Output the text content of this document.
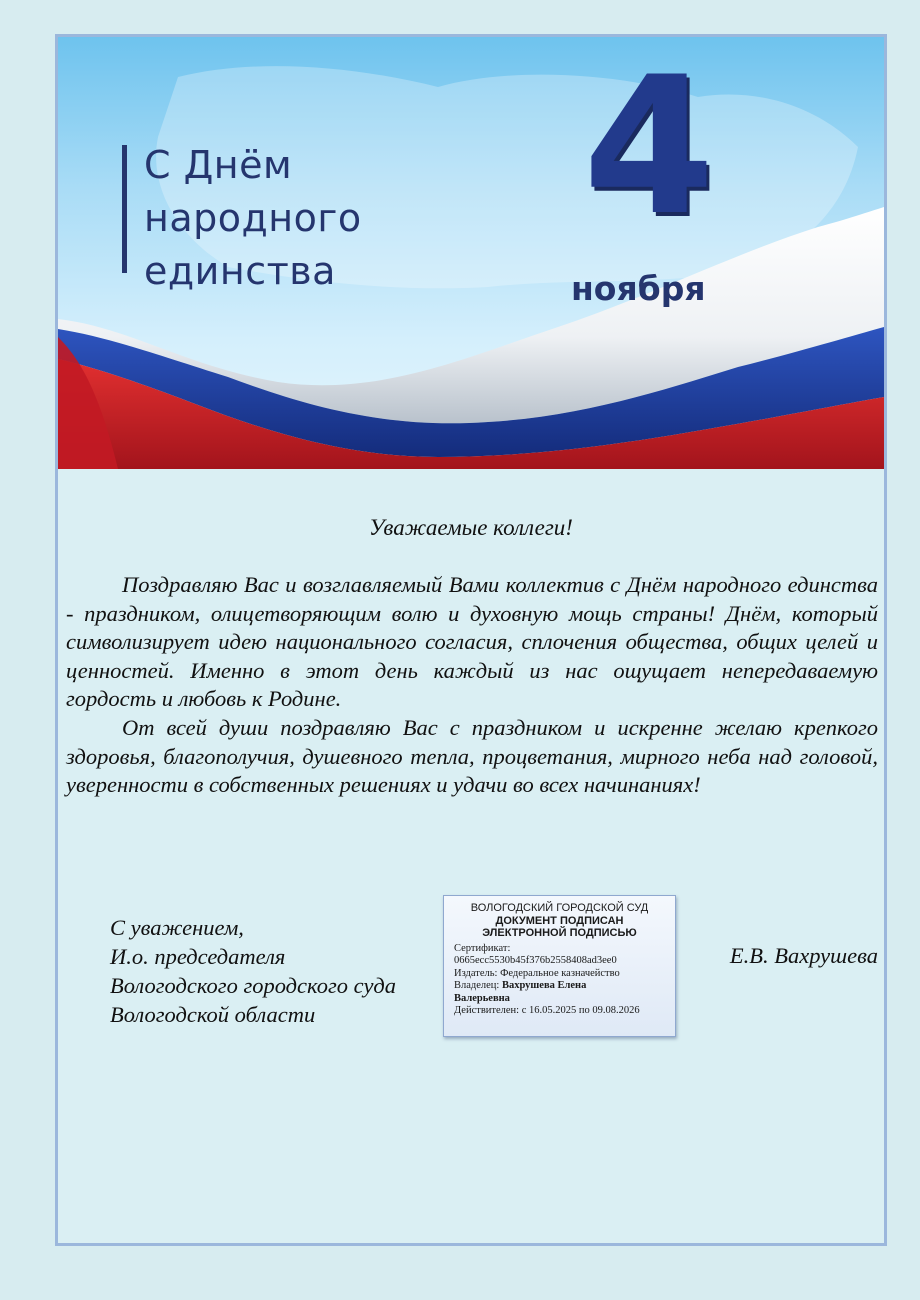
С Днём
народного
единства
4
ноября
Уважаемые коллеги!

Поздравляю Вас и возглавляемый Вами коллектив с Днём народного единства - праздником, олицетворяющим волю и духовную мощь страны! Днём, который символизирует идею национального согласия, сплочения общества, общих целей и ценностей. Именно в этот день каждый из нас ощущает непередаваемую гордость и любовь к Родине.

От всей души поздравляю Вас с праздником и искренне желаю крепкого здоровья, благополучия, душевного тепла, процветания, мирного неба над головой, уверенности в собственных решениях и удачи во всех начинаниях!

С уважением,
И.о. председателя
Вологодского городского суда
Вологодской области
ВОЛОГОДСКИЙ ГОРОДСКОЙ СУД
ДОКУМЕНТ ПОДПИСАН
ЭЛЕКТРОННОЙ ПОДПИСЬЮ
Сертификат:
0665ecc5530b45f376b2558408ad3ee0
Издатель: Федеральное казначейство
Владелец: Вахрушева Елена
Валерьевна
Действителен: с 16.05.2025 по 09.08.2026
Е.В. Вахрушева
